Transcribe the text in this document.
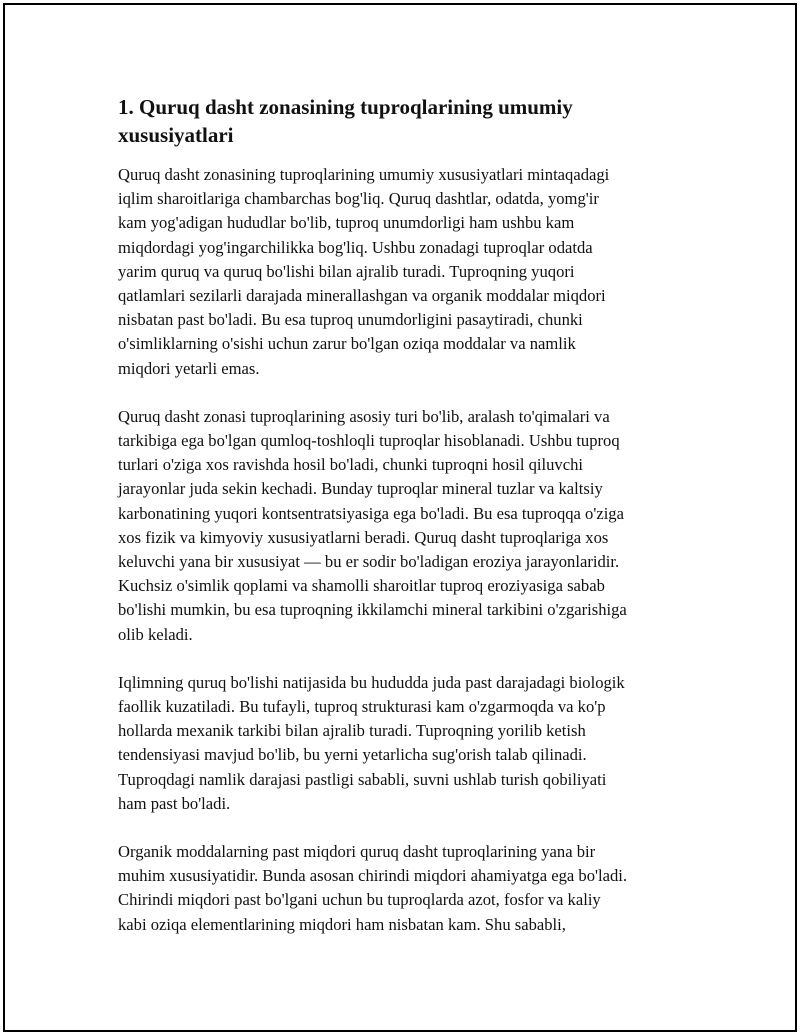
1. Quruq dasht zonasining tuproqlarining umumiy xususiyatlari

Quruq dasht zonasining tuproqlarining umumiy xususiyatlari mintaqadagi
iqlim sharoitlariga chambarchas bog'liq. Quruq dashtlar, odatda, yomg'ir
kam yog'adigan hududlar bo'lib, tuproq unumdorligi ham ushbu kam
miqdordagi yog'ingarchilikka bog'liq. Ushbu zonadagi tuproqlar odatda
yarim quruq va quruq bo'lishi bilan ajralib turadi. Tuproqning yuqori
qatlamlari sezilarli darajada minerallashgan va organik moddalar miqdori
nisbatan past bo'ladi. Bu esa tuproq unumdorligini pasaytiradi, chunki
o'simliklarning o'sishi uchun zarur bo'lgan oziqa moddalar va namlik
miqdori yetarli emas.

Quruq dasht zonasi tuproqlarining asosiy turi bo'lib, aralash to'qimalari va
tarkibiga ega bo'lgan qumloq-toshloqli tuproqlar hisoblanadi. Ushbu tuproq
turlari o'ziga xos ravishda hosil bo'ladi, chunki tuproqni hosil qiluvchi
jarayonlar juda sekin kechadi. Bunday tuproqlar mineral tuzlar va kaltsiy
karbonatining yuqori kontsentratsiyasiga ega bo'ladi. Bu esa tuproqqa o'ziga
xos fizik va kimyoviy xususiyatlarni beradi. Quruq dasht tuproqlariga xos
keluvchi yana bir xususiyat — bu er sodir bo'ladigan eroziya jarayonlaridir.
Kuchsiz o'simlik qoplami va shamolli sharoitlar tuproq eroziyasiga sabab
bo'lishi mumkin, bu esa tuproqning ikkilamchi mineral tarkibini o'zgarishiga
olib keladi.

Iqlimning quruq bo'lishi natijasida bu hududda juda past darajadagi biologik
faollik kuzatiladi. Bu tufayli, tuproq strukturasi kam o'zgarmoqda va ko'p
hollarda mexanik tarkibi bilan ajralib turadi. Tuproqning yorilib ketish
tendensiyasi mavjud bo'lib, bu yerni yetarlicha sug'orish talab qilinadi.
Tuproqdagi namlik darajasi pastligi sababli, suvni ushlab turish qobiliyati
ham past bo'ladi.

Organik moddalarning past miqdori quruq dasht tuproqlarining yana bir
muhim xususiyatidir. Bunda asosan chirindi miqdori ahamiyatga ega bo'ladi.
Chirindi miqdori past bo'lgani uchun bu tuproqlarda azot, fosfor va kaliy
kabi oziqa elementlarining miqdori ham nisbatan kam. Shu sababli,
